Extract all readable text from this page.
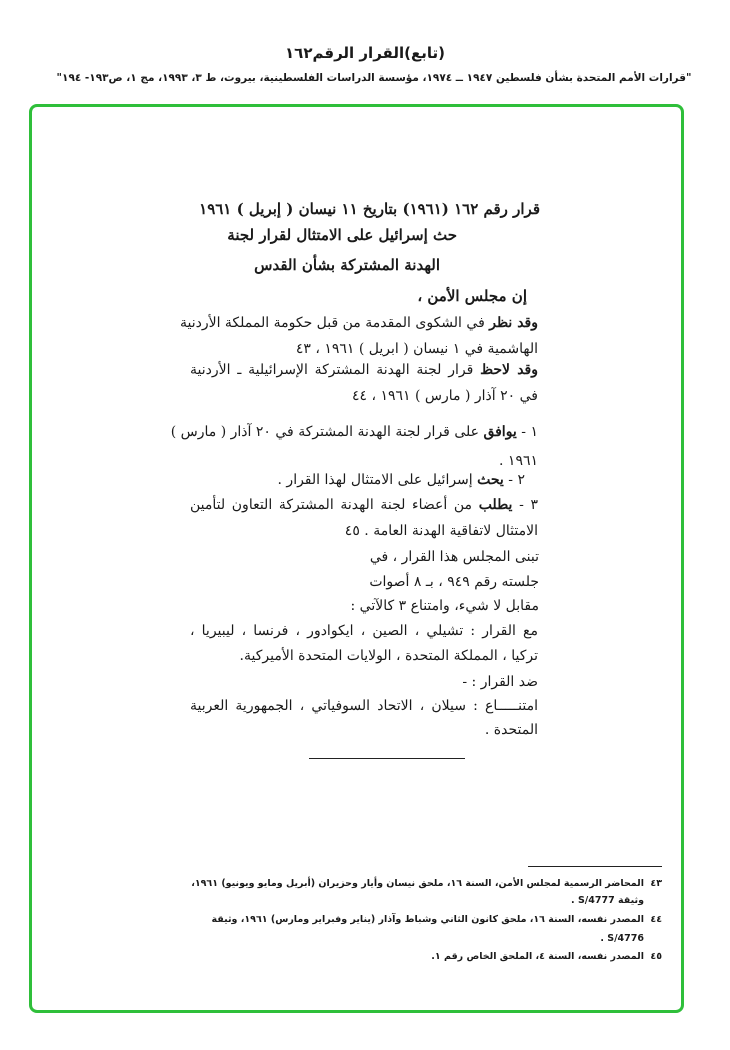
(تابع)القرار الرقم١٦٢
"قرارات الأمم المتحدة بشأن فلسطين ١٩٤٧ ــ ١٩٧٤، مؤسسة الدراسات الفلسطينية، بيروت، ط ٣، ١٩٩٣، مج ١، ص١٩٣- ١٩٤"
قرار رقم ١٦٢ (١٩٦١) بتاريخ ١١ نيسان ( إبريل ) ١٩٦١
حث إسرائيل على الامتثال لقرار لجنة
الهدنة المشتركة بشأن القدس
إن مجلس الأمن ،
وقد نظر في الشكوى المقدمة من قبل حكومة المملكة الأردنية
الهاشمية في ١ نيسان ( ابريل ) ١٩٦١ ، ٤٣
وقد لاحظ قرار لجنة الهدنة المشتركة الإسرائيلية ـ الأردنية
في ٢٠ آذار ( مارس ) ١٩٦١ ، ٤٤
١ - يوافق على قرار لجنة الهدنة المشتركة في ٢٠ آذار ( مارس )
١٩٦١ .
٢ - يحث إسرائيل على الامتثال لهذا القرار .
٣ - يطلب من أعضاء لجنة الهدنة المشتركة التعاون لتأمين
الامتثال لاتفاقية الهدنة العامة . ٤٥
تبنى المجلس هذا القرار ، في
جلسته رقم ٩٤٩ ، بـ ٨ أصوات
مقابل لا شيء، وامتناع ٣ كالآتي :
مع القرار : تشيلي ، الصين ، ايكوادور ، فرنسا ، ليبيريا ،
تركيا ، المملكة المتحدة ، الولايات المتحدة الأميركية.
ضد القرار : -
امتنـــــاع : سيلان ، الاتحاد السوفياتي ، الجمهورية العربية
المتحدة .
٤٣
المحاضر الرسمية لمجلس الأمن، السنة ١٦، ملحق نيسان وأيار وحزيران (أبريل ومايو ويونيو) ١٩٦١،
وثيقة S/4777 .
٤٤
المصدر نفسه، السنة ١٦، ملحق كانون الثاني وشباط وآذار (يناير وفبراير ومارس) ١٩٦١، وثيقة
S/4776 .
٤٥
المصدر نفسه، السنة ٤، الملحق الخاص رقم ١.
